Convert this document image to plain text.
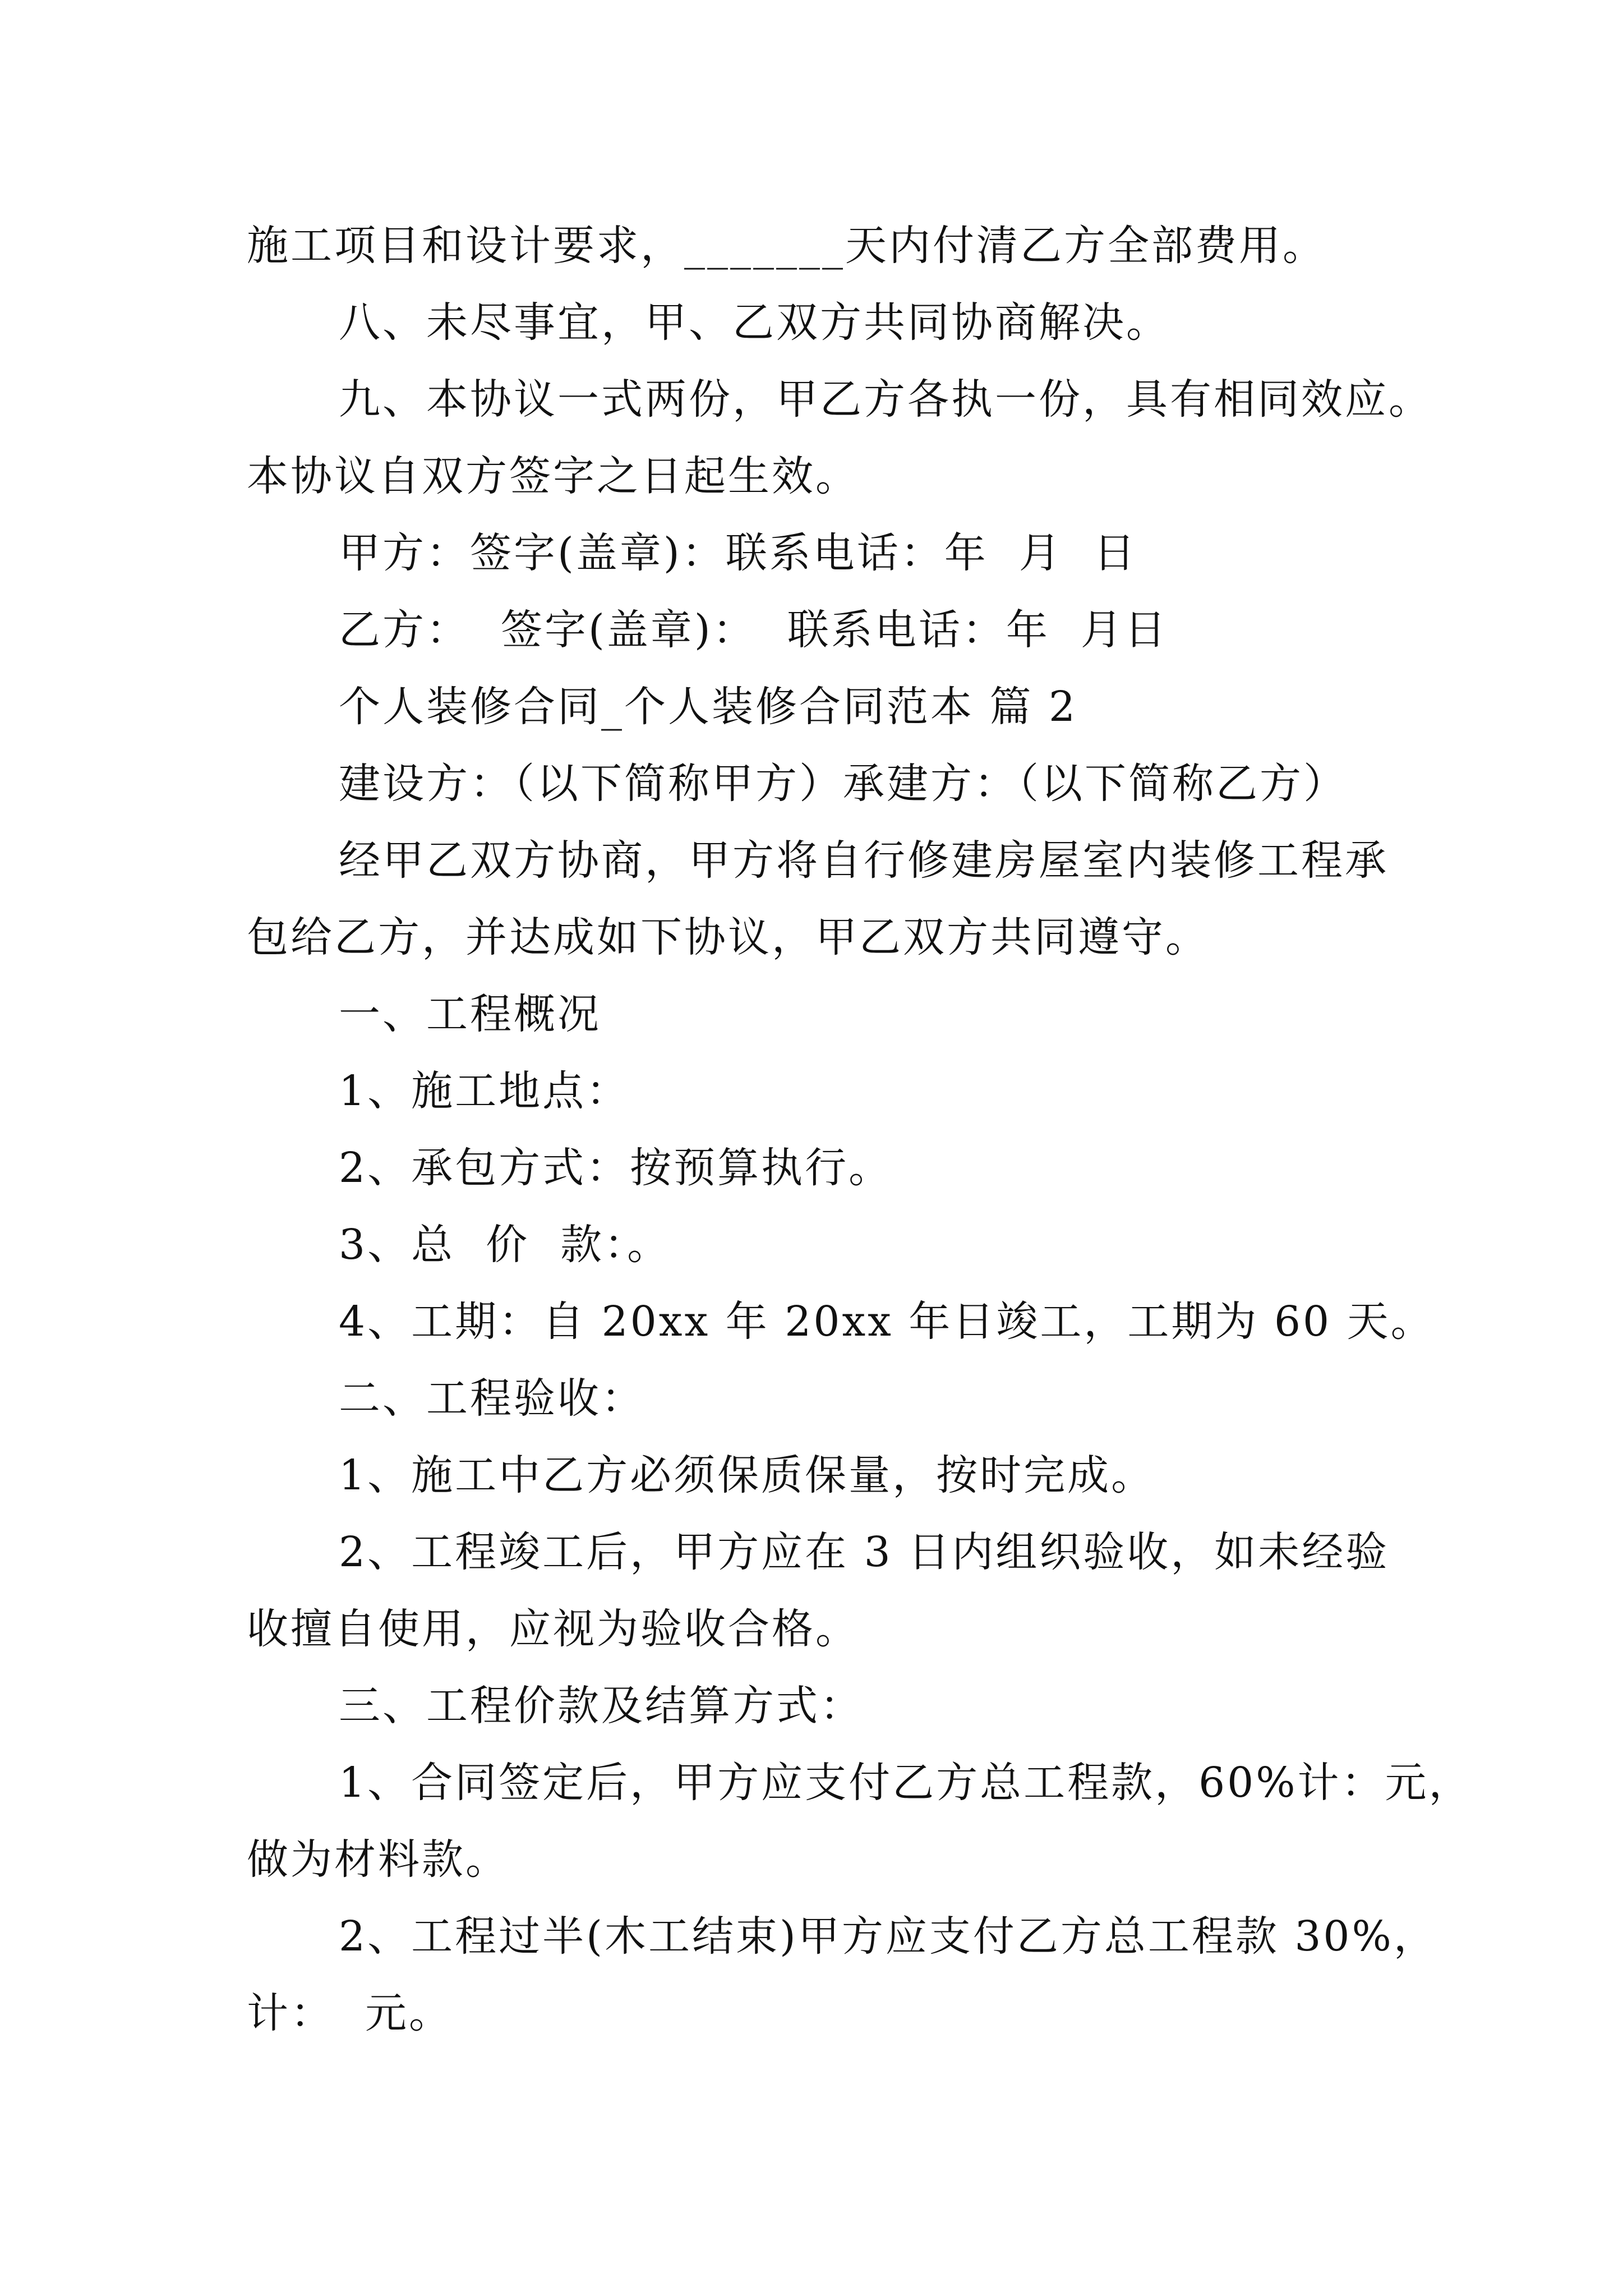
施工项目和设计要求，_______天内付清乙方全部费用。
八、未尽事宜，甲、乙双方共同协商解决。
九、本协议一式两份，甲乙方各执一份，具有相同效应。
本协议自双方签字之日起生效。
甲方：签字(盖章)：联系电话：年  月  日
乙方：  签字(盖章)：  联系电话：年  月日
个人装修合同_个人装修合同范本 篇 2
建设方：（以下简称甲方）承建方：（以下简称乙方）
经甲乙双方协商，甲方将自行修建房屋室内装修工程承
包给乙方，并达成如下协议，甲乙双方共同遵守。
一、工程概况
1、施工地点：
2、承包方式：按预算执行。
3、总  价  款：。
4、工期：自 20xx 年 20xx 年日竣工，工期为 60 天。
二、工程验收：
1、施工中乙方必须保质保量，按时完成。
2、工程竣工后，甲方应在 3 日内组织验收，如未经验
收擅自使用，应视为验收合格。
三、工程价款及结算方式：
1、合同签定后，甲方应支付乙方总工程款，60%计：元，
做为材料款。
2、工程过半(木工结束)甲方应支付乙方总工程款 30%，
计：  元。
